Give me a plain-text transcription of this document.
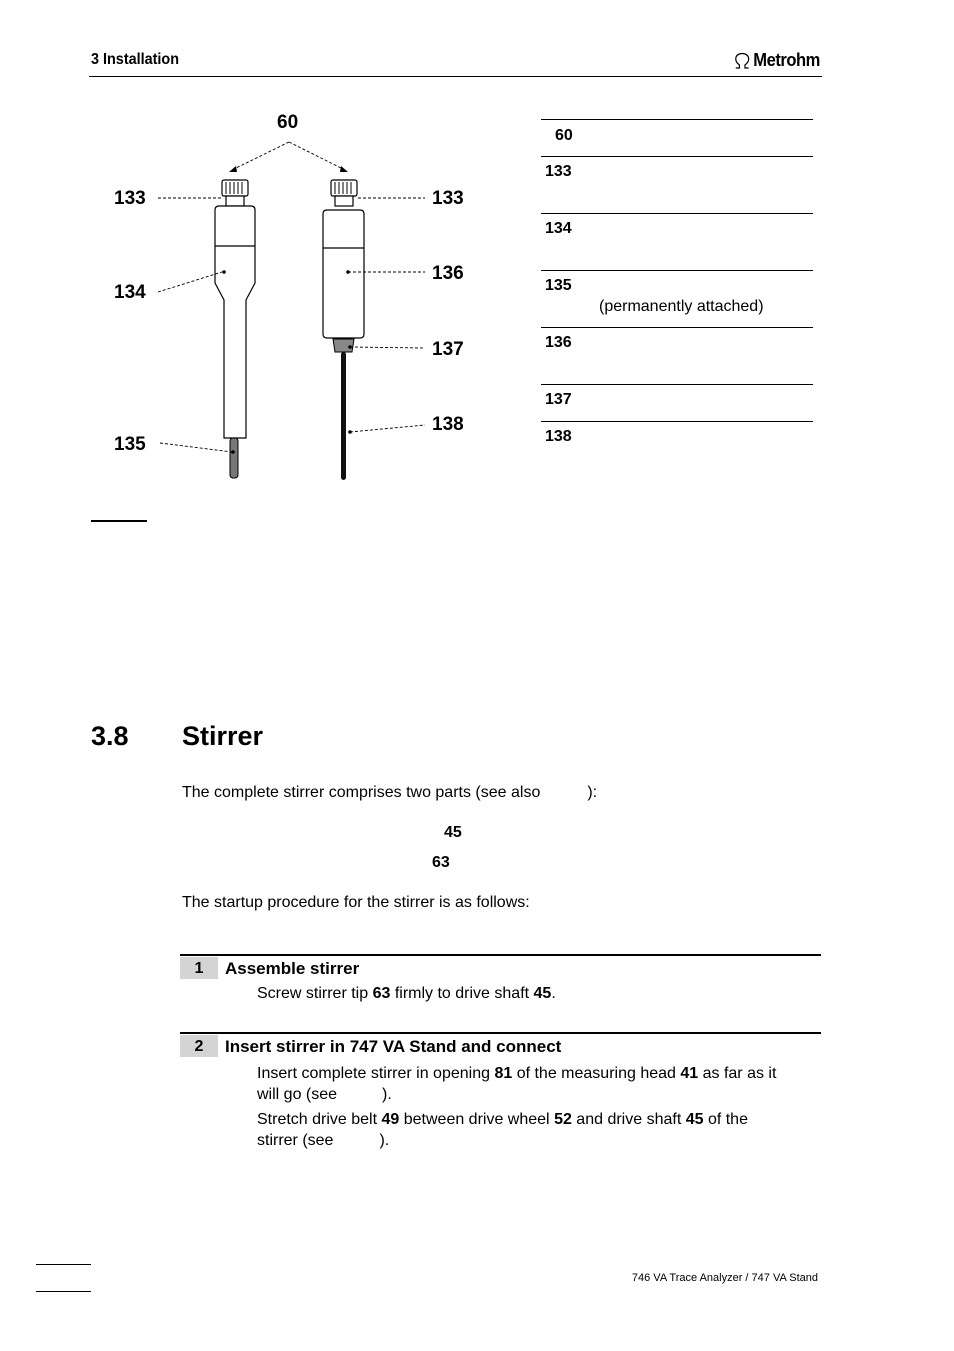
3 Installation	Metrohm
60
133
134
135
133
136
137
138
60
133
134
135
(permanently attached)
136
137
138
3.8 Stirrer
The complete stirrer comprises two parts (see also	):
45
63
The startup procedure for the stirrer is as follows:
1	Assemble stirrer
Screw stirrer tip 63 firmly to drive shaft 45.
2	Insert stirrer in 747 VA Stand and connect
Insert complete stirrer in opening 81 of the measuring head 41 as far as it
will go (see	).
Stretch drive belt 49 between drive wheel 52 and drive shaft 45 of the
stirrer (see	).
746 VA Trace Analyzer / 747 VA Stand
